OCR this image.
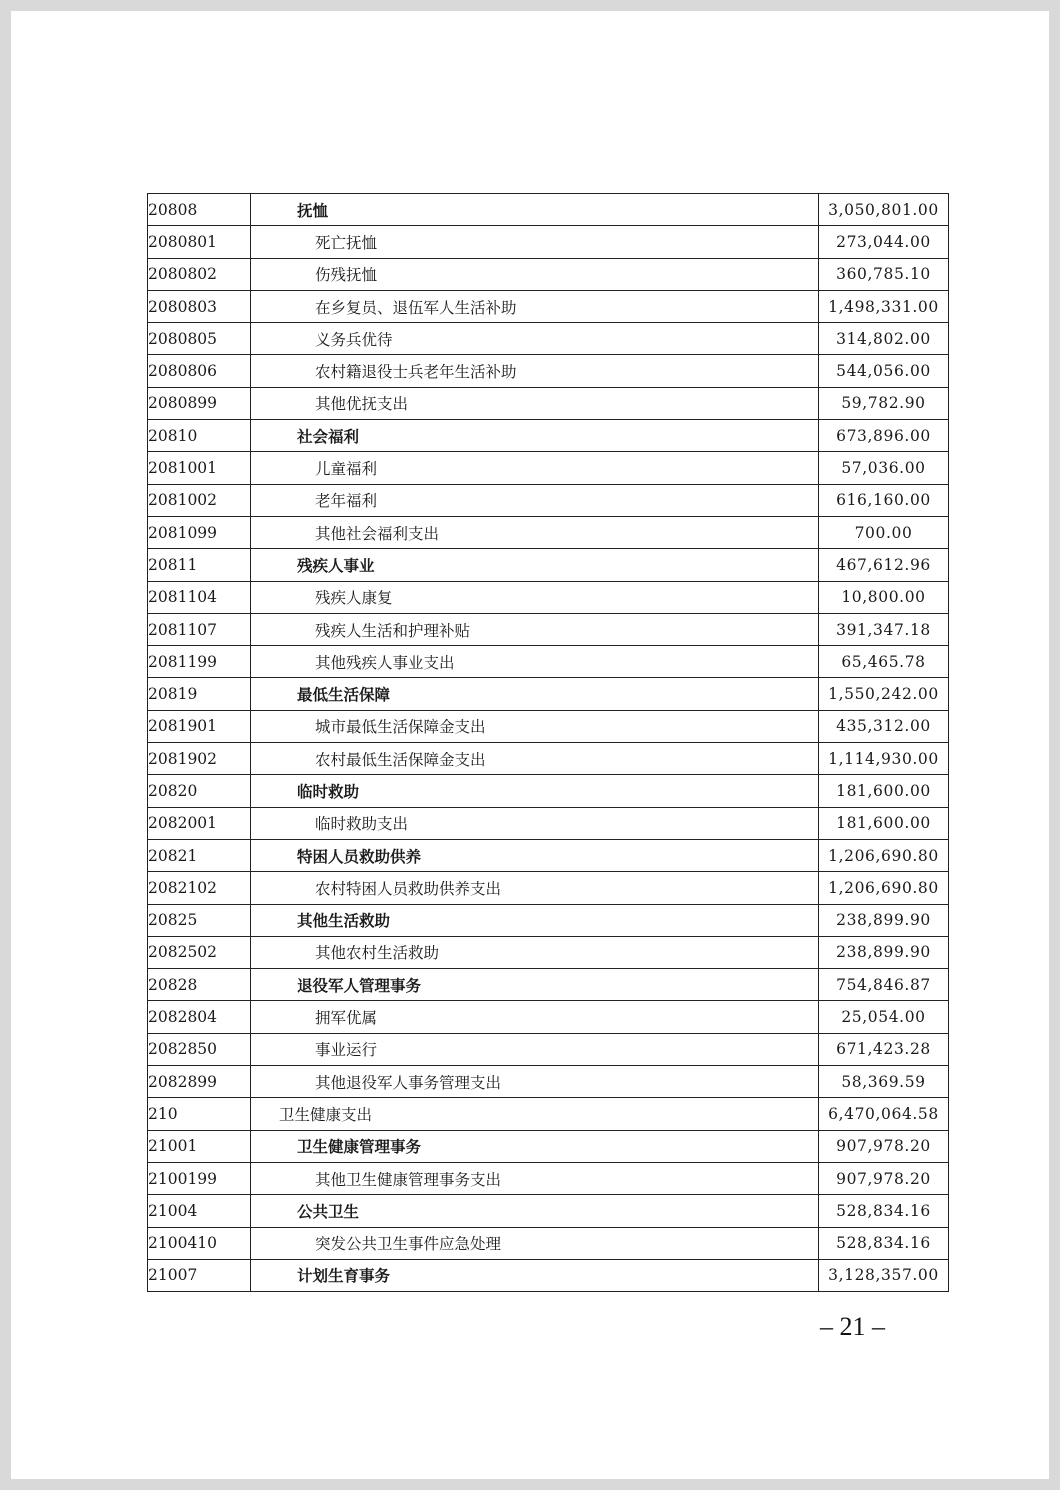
20808	抚恤	3,050,801.00
2080801	死亡抚恤	273,044.00
2080802	伤残抚恤	360,785.10
2080803	在乡复员、退伍军人生活补助	1,498,331.00
2080805	义务兵优待	314,802.00
2080806	农村籍退役士兵老年生活补助	544,056.00
2080899	其他优抚支出	59,782.90
20810	社会福利	673,896.00
2081001	儿童福利	57,036.00
2081002	老年福利	616,160.00
2081099	其他社会福利支出	700.00
20811	残疾人事业	467,612.96
2081104	残疾人康复	10,800.00
2081107	残疾人生活和护理补贴	391,347.18
2081199	其他残疾人事业支出	65,465.78
20819	最低生活保障	1,550,242.00
2081901	城市最低生活保障金支出	435,312.00
2081902	农村最低生活保障金支出	1,114,930.00
20820	临时救助	181,600.00
2082001	临时救助支出	181,600.00
20821	特困人员救助供养	1,206,690.80
2082102	农村特困人员救助供养支出	1,206,690.80
20825	其他生活救助	238,899.90
2082502	其他农村生活救助	238,899.90
20828	退役军人管理事务	754,846.87
2082804	拥军优属	25,054.00
2082850	事业运行	671,423.28
2082899	其他退役军人事务管理支出	58,369.59
210	卫生健康支出	6,470,064.58
21001	卫生健康管理事务	907,978.20
2100199	其他卫生健康管理事务支出	907,978.20
21004	公共卫生	528,834.16
2100410	突发公共卫生事件应急处理	528,834.16
21007	计划生育事务	3,128,357.00
– 21 –
